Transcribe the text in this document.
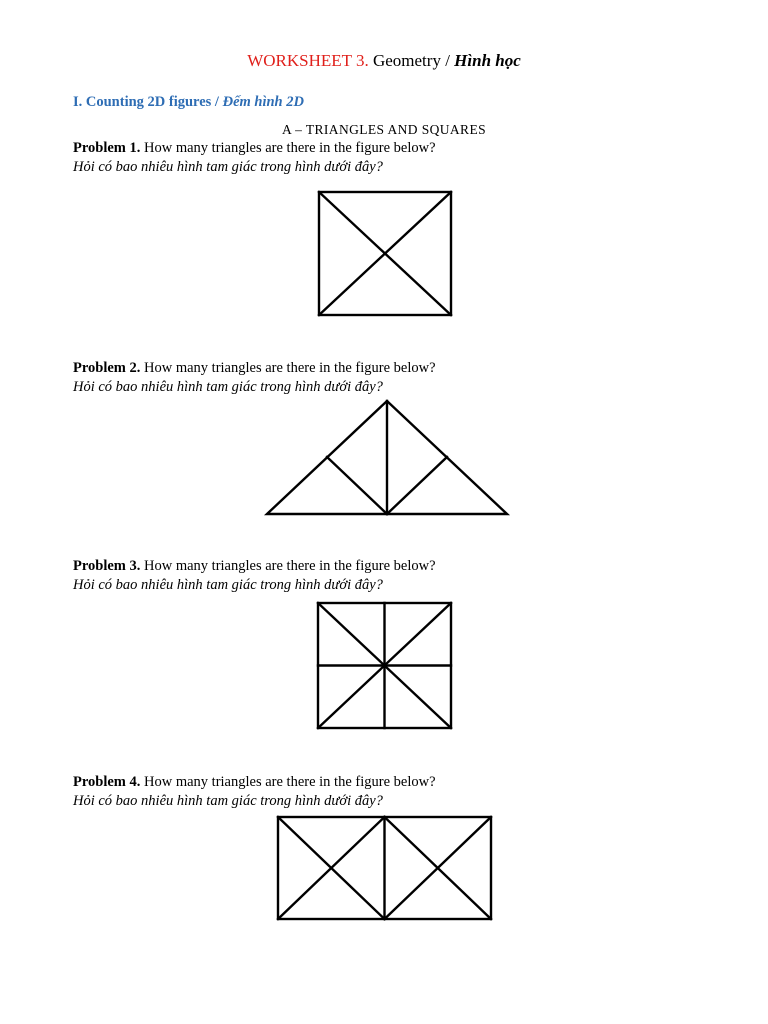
WORKSHEET 3. Geometry / Hình học
I. Counting 2D figures / Đếm hình 2D
A – TRIANGLES AND SQUARES
Problem 1. How many triangles are there in the figure below?
Hỏi có bao nhiêu hình tam giác trong hình dưới đây?
Problem 2. How many triangles are there in the figure below?
Hỏi có bao nhiêu hình tam giác trong hình dưới đây?
Problem 3. How many triangles are there in the figure below?
Hỏi có bao nhiêu hình tam giác trong hình dưới đây?
Problem 4. How many triangles are there in the figure below?
Hỏi có bao nhiêu hình tam giác trong hình dưới đây?
